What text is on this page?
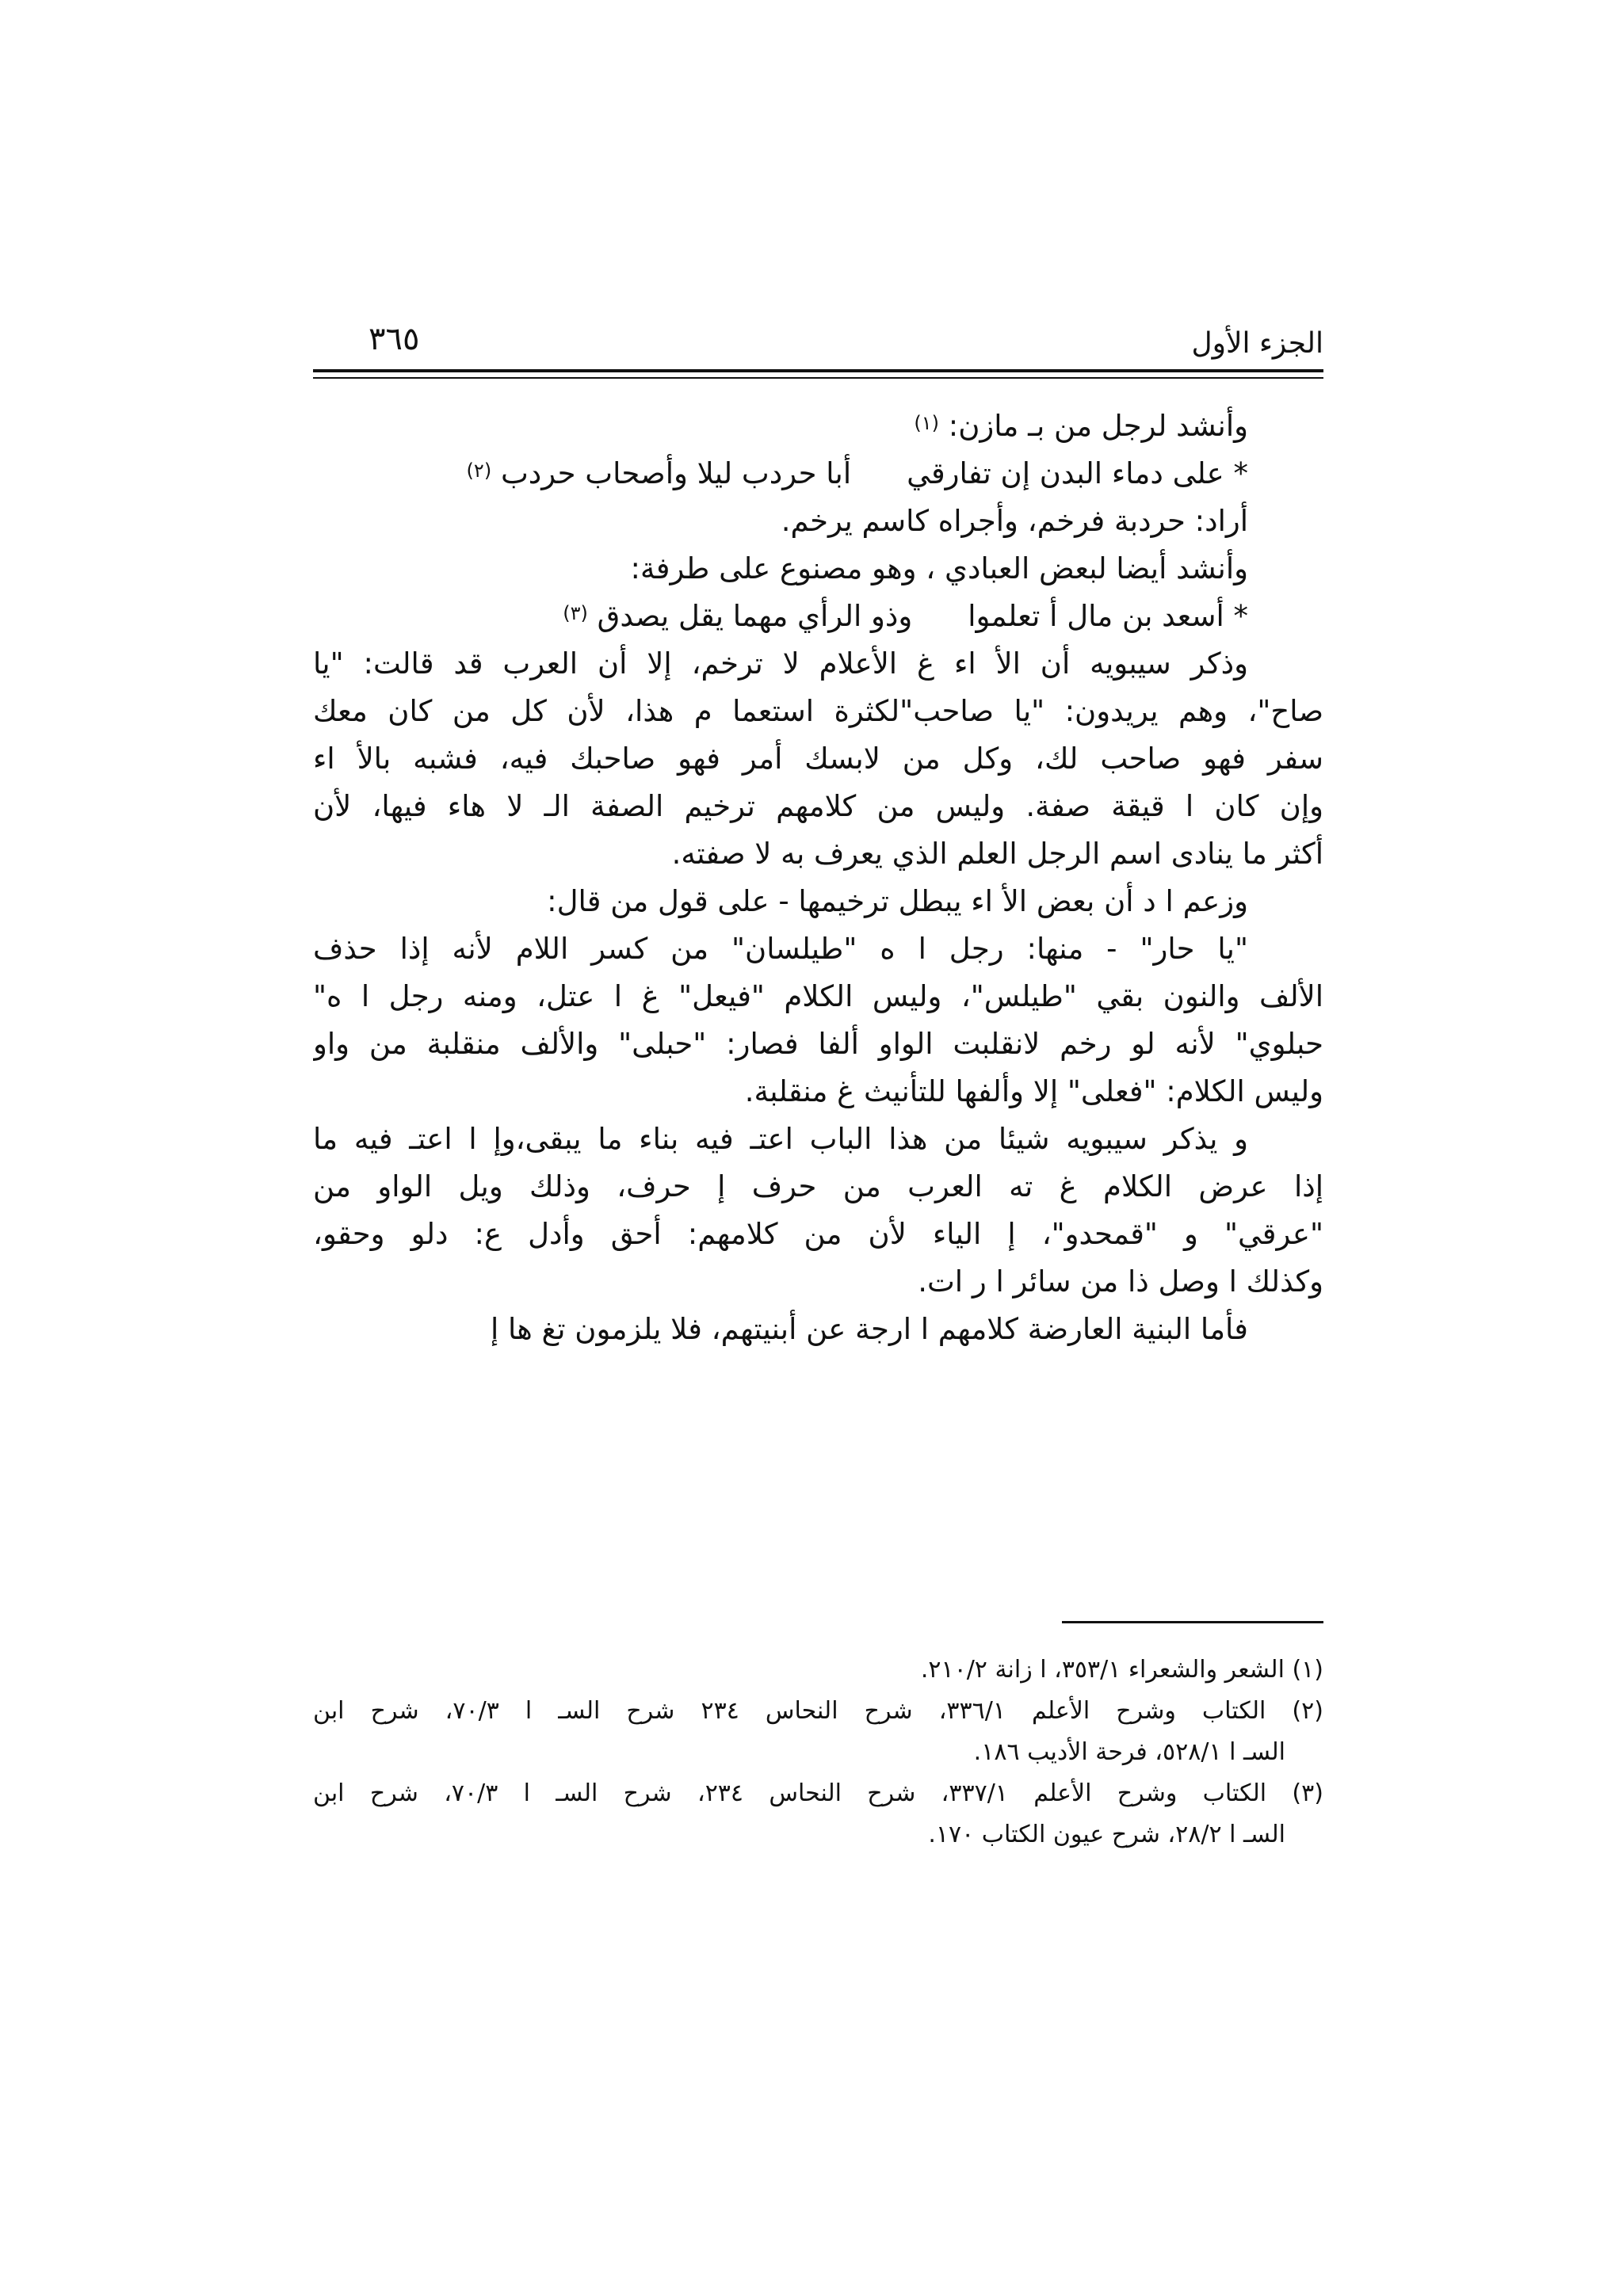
الجزء الأول
٣٦٥
وأنشد لرجل من بـ مازن: $^{(١)}$
* على دماء البدن إن تفارقيأبا حردب ليلا وأصحاب حردب $^{(٢)}$
أراد: حردبة فرخم، وأجراه كاسم يرخم.
وأنشد أيضا لبعض العبادي ، وهو مصنوع على طرفة:
* أسعد بن مال أ تعلمواوذو الرأي مهما يقل يصدق $^{(٣)}$
وذكر سيبويه أن الأ اء غ الأعلام لا ترخم، إلا أن العرب قد قالت: "يا
صاح"، وهم يريدون: "يا صاحب"لكثرة استعما م هذا، لأن كل من كان معك
سفر فهو صاحب لك، وكل من لابسك أمر فهو صاحبك فيه، فشبه بالأ اء
وإن كان ا قيقة صفة. وليس من كلامهم ترخيم الصفة الـ لا هاء فيها، لأن
أكثر ما ينادى اسم الرجل العلم الذي يعرف به لا صفته.
وزعم ا د أن بعض الأ اء يبطل ترخيمها - على قول من قال:
"يا حار" - منها: رجل ا ه "طيلسان" من كسر اللام لأنه إذا حذف
الألف والنون بقي "طيلس"، وليس الكلام "فيعل" غ ا عتل، ومنه رجل ا ه"
حبلوي" لأنه لو رخم لانقلبت الواو ألفا فصار: "حبلى" والألف منقلبة من واو
وليس الكلام: "فعلى" إلا وألفها للتأنيث غ منقلبة.
و يذكر سيبويه شيئا من هذا الباب اعتـ فيه بناء ما يبقى،وإ ا اعتـ فيه ما
إذا عرض الكلام غ ته العرب من حرف إ حرف، وذلك ويل الواو من
"عرقي" و "قمحدو"، إ الياء لأن من كلامهم: أحق وأدل ع: دلو وحقو،
وكذلك ا وصل ذا من سائر ا ر ات.
فأما البنية العارضة كلامهم ا ارجة عن أبنيتهم، فلا يلزمون تغ ها إ
(١) الشعر والشعراء ٣٥٣/١، ا زانة ٢١٠/٢.
(٢) الكتاب وشرح الأعلم ٣٣٦/١، شرح النحاس ٢٣٤ شرح السـ ا ٧٠/٣، شرح ابن
السـ ا ٥٢٨/١، فرحة الأديب ١٨٦.
(٣) الكتاب وشرح الأعلم ٣٣٧/١، شرح النحاس ٢٣٤، شرح السـ ا ٧٠/٣، شرح ابن
السـ ا ٢٨/٢، شرح عيون الكتاب ١٧٠.
